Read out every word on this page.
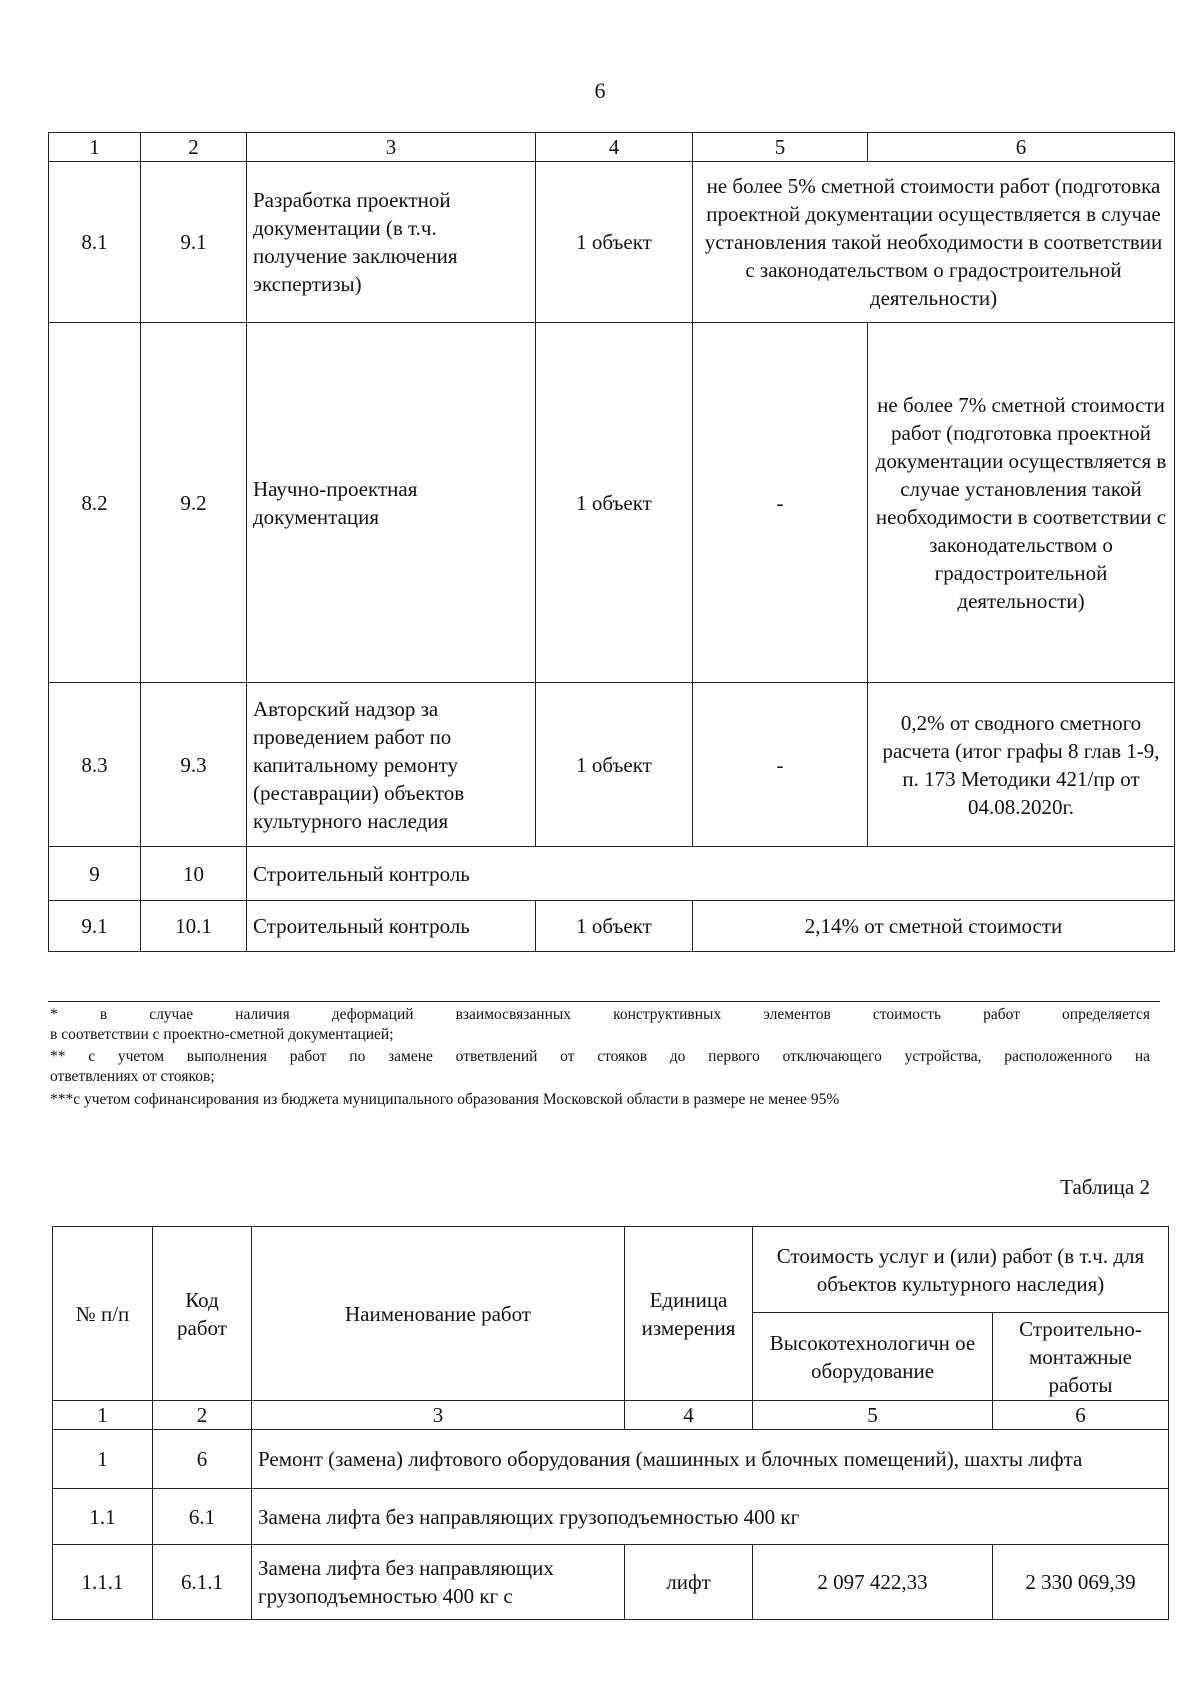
6
1	2	3	4	5	6
8.1	9.1	Разработка проектной документации (в т.ч. получение заключения экспертизы)	1 объект	не более 5% сметной стоимости работ (подготовка проектной документации осуществляется в случае установления такой необходимости в соответствии с законодательством о градостроительной деятельности)	
8.2	9.2	Научно-проектная документация	1 объект	-	не более 7% сметной стоимости работ (подготовка проектной документации осуществляется в случае установления такой необходимости в соответствии с законодательством о градостроительной деятельности)
8.3	9.3	Авторский надзор за проведением работ по капитальному ремонту (реставрации) объектов культурного наследия	1 объект	-	0,2% от сводного сметного расчета (итог графы 8 глав 1-9, п. 173 Методики 421/пр от 04.08.2020г.
9	10	Строительный контроль			
9.1	10.1	Строительный контроль	1 объект	2,14% от сметной стоимости	
* в случае наличия деформаций взаимосвязанных конструктивных элементов стоимость работ определяется
в соответствии с проектно-сметной документацией;
** с учетом выполнения работ по замене ответвлений от стояков до первого отключающего устройства, расположенного на
ответвлениях от стояков;
***с учетом софинансирования из бюджета муниципального образования Московской области в размере не менее 95%
Таблица 2
№ п/п	Код работ	Наименование работ	Единица измерения	Стоимость услуг и (или) работ (в т.ч. для объектов культурного наследия)	
				Высокотехнологичн ое оборудование	Строительно-монтажные работы
1	2	3	4	5	6
1	6	Ремонт (замена) лифтового оборудования (машинных и блочных помещений), шахты лифта			
1.1	6.1	Замена лифта без направляющих грузоподъемностью 400 кг			
1.1.1	6.1.1	Замена лифта без направляющих грузоподъемностью 400 кг с	лифт	2 097 422,33	2 330 069,39
